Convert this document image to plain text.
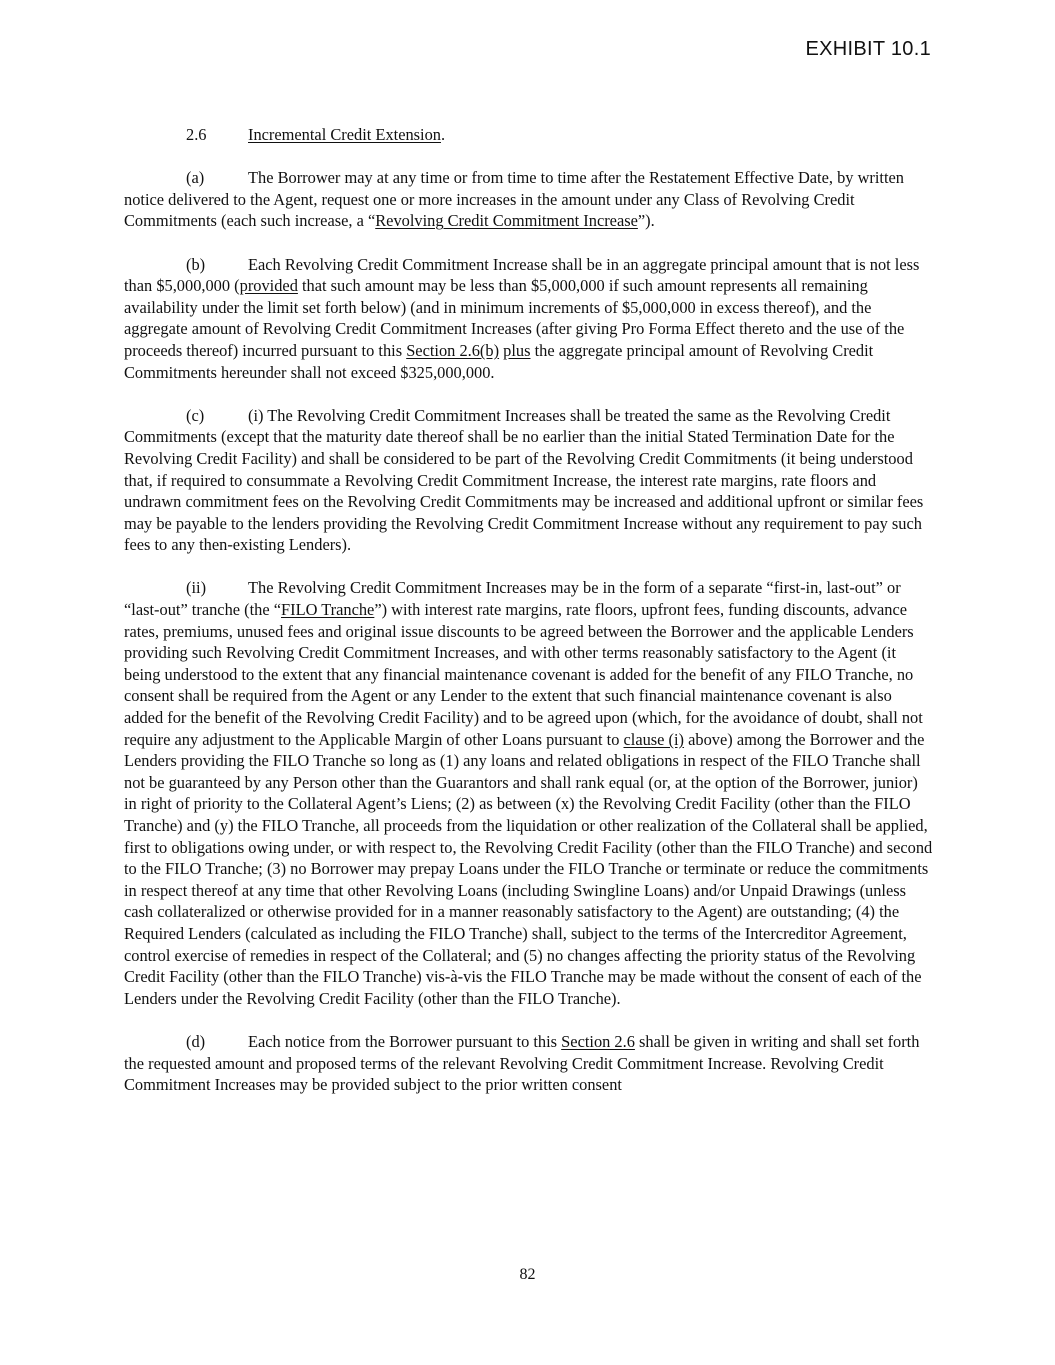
EXHIBIT 10.1

2.6	Incremental Credit Extension.

(a)	The Borrower may at any time or from time to time after the Restatement Effective Date, by written notice delivered to the Agent, request one or more increases in the amount under any Class of Revolving Credit Commitments (each such increase, a “Revolving Credit Commitment Increase”).

(b)	Each Revolving Credit Commitment Increase shall be in an aggregate principal amount that is not less than $5,000,000 (provided that such amount may be less than $5,000,000 if such amount represents all remaining availability under the limit set forth below) (and in minimum increments of $5,000,000 in excess thereof), and the aggregate amount of Revolving Credit Commitment Increases (after giving Pro Forma Effect thereto and the use of the proceeds thereof) incurred pursuant to this Section 2.6(b) plus the aggregate principal amount of Revolving Credit Commitments hereunder shall not exceed $325,000,000.

(c)	(i) The Revolving Credit Commitment Increases shall be treated the same as the Revolving Credit Commitments (except that the maturity date thereof shall be no earlier than the initial Stated Termination Date for the Revolving Credit Facility) and shall be considered to be part of the Revolving Credit Commitments (it being understood that, if required to consummate a Revolving Credit Commitment Increase, the interest rate margins, rate floors and undrawn commitment fees on the Revolving Credit Commitments may be increased and additional upfront or similar fees may be payable to the lenders providing the Revolving Credit Commitment Increase without any requirement to pay such fees to any then-existing Lenders).

(ii)	The Revolving Credit Commitment Increases may be in the form of a separate “first-in, last-out” or “last-out” tranche (the “FILO Tranche”) with interest rate margins, rate floors, upfront fees, funding discounts, advance rates, premiums, unused fees and original issue discounts to be agreed between the Borrower and the applicable Lenders providing such Revolving Credit Commitment Increases, and with other terms reasonably satisfactory to the Agent (it being understood to the extent that any financial maintenance covenant is added for the benefit of any FILO Tranche, no consent shall be required from the Agent or any Lender to the extent that such financial maintenance covenant is also added for the benefit of the Revolving Credit Facility) and to be agreed upon (which, for the avoidance of doubt, shall not require any adjustment to the Applicable Margin of other Loans pursuant to clause (i) above) among the Borrower and the Lenders providing the FILO Tranche so long as (1) any loans and related obligations in respect of the FILO Tranche shall not be guaranteed by any Person other than the Guarantors and shall rank equal (or, at the option of the Borrower, junior) in right of priority to the Collateral Agent’s Liens; (2) as between (x) the Revolving Credit Facility (other than the FILO Tranche) and (y) the FILO Tranche, all proceeds from the liquidation or other realization of the Collateral shall be applied, first to obligations owing under, or with respect to, the Revolving Credit Facility (other than the FILO Tranche) and second to the FILO Tranche; (3) no Borrower may prepay Loans under the FILO Tranche or terminate or reduce the commitments in respect thereof at any time that other Revolving Loans (including Swingline Loans) and/or Unpaid Drawings (unless cash collateralized or otherwise provided for in a manner reasonably satisfactory to the Agent) are outstanding; (4) the Required Lenders (calculated as including the FILO Tranche) shall, subject to the terms of the Intercreditor Agreement, control exercise of remedies in respect of the Collateral; and (5) no changes affecting the priority status of the Revolving Credit Facility (other than the FILO Tranche) vis-à-vis the FILO Tranche may be made without the consent of each of the Lenders under the Revolving Credit Facility (other than the FILO Tranche).

(d)	Each notice from the Borrower pursuant to this Section 2.6 shall be given in writing and shall set forth the requested amount and proposed terms of the relevant Revolving Credit Commitment Increase. Revolving Credit Commitment Increases may be provided subject to the prior written consent

82
